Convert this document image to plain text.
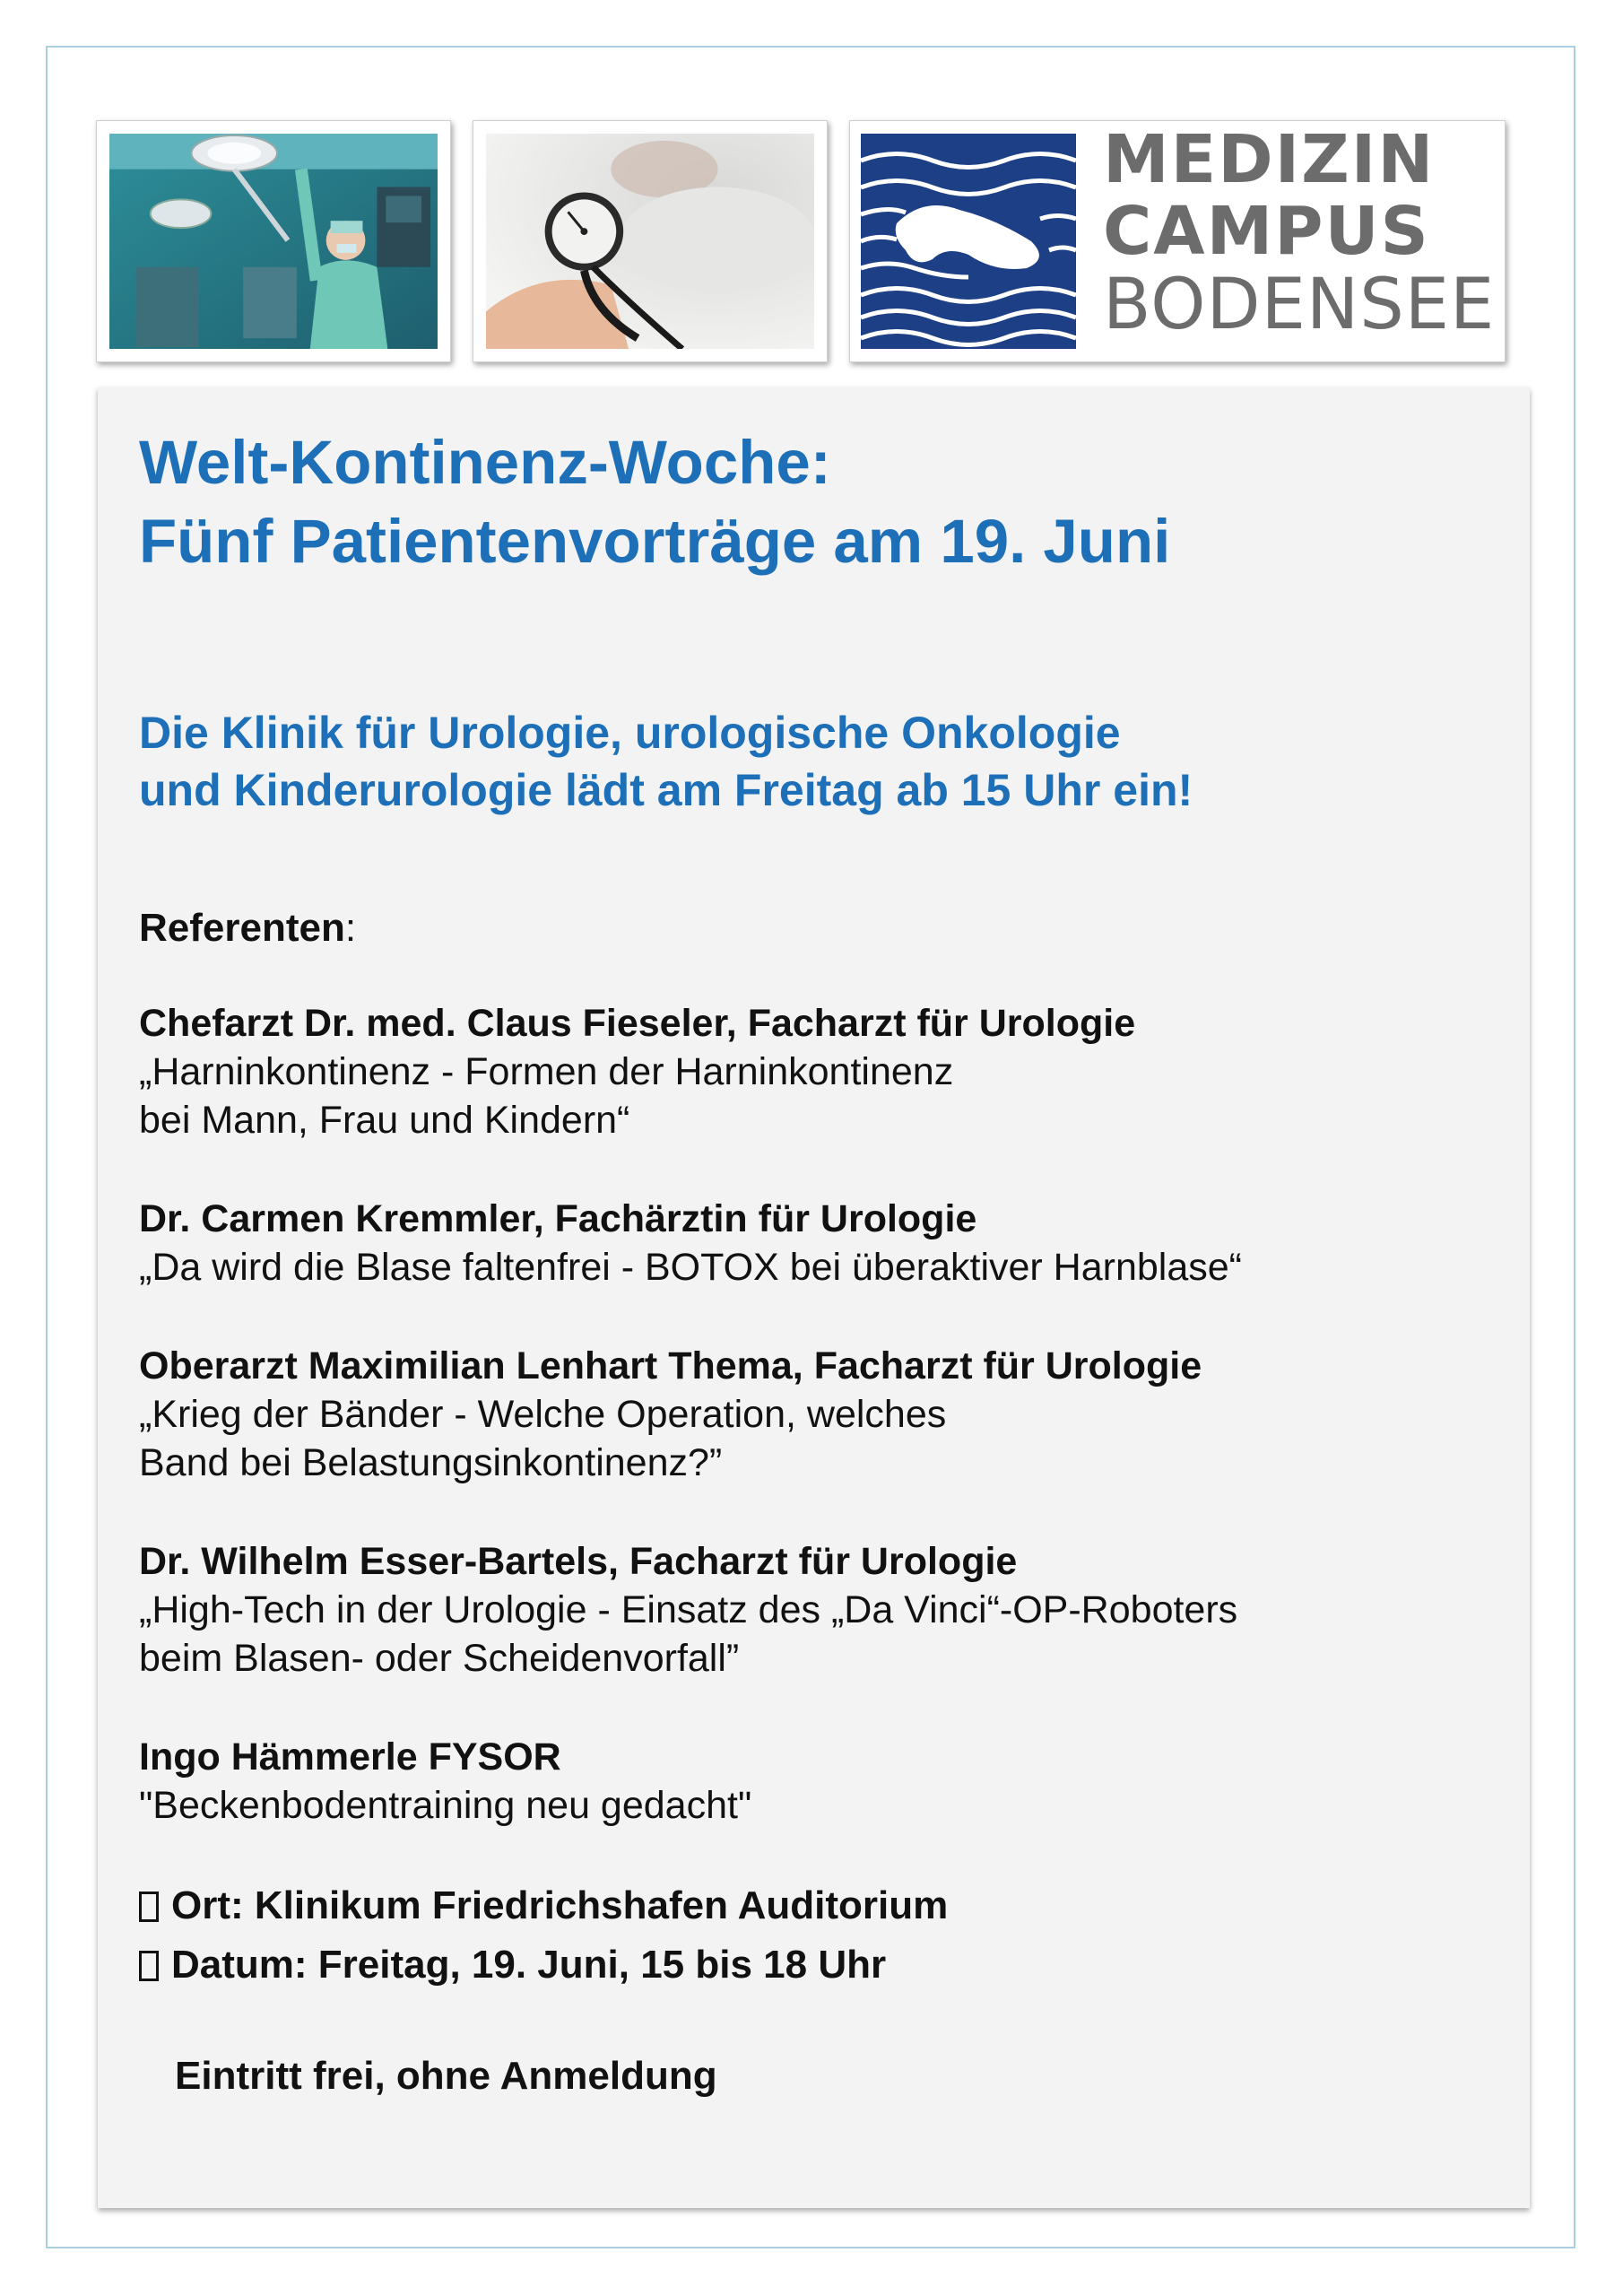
MEDIZIN
CAMPUS
BODENSEE
Welt-Kontinenz-Woche:
Fünf Patientenvorträge am 19. Juni
Die Klinik für Urologie, urologische Onkologie
und Kinderurologie lädt am Freitag ab 15 Uhr ein!
Referenten:
Chefarzt Dr. med. Claus Fieseler, Facharzt für Urologie
„Harninkontinenz - Formen der Harninkontinenz
bei Mann, Frau und Kindern“
Dr. Carmen Kremmler, Fachärztin für Urologie
„Da wird die Blase faltenfrei - BOTOX bei überaktiver Harnblase“
Oberarzt Maximilian Lenhart Thema, Facharzt für Urologie
„Krieg der Bänder - Welche Operation, welches
Band bei Belastungsinkontinenz?”
Dr. Wilhelm Esser-Bartels, Facharzt für Urologie
„High-Tech in der Urologie - Einsatz des „Da Vinci“-OP-Roboters
beim Blasen- oder Scheidenvorfall”
Ingo Hämmerle FYSOR
"Beckenbodentraining neu gedacht"
Ort: Klinikum Friedrichshafen Auditorium
Datum: Freitag, 19. Juni, 15 bis 18 Uhr
Eintritt frei, ohne Anmeldung
